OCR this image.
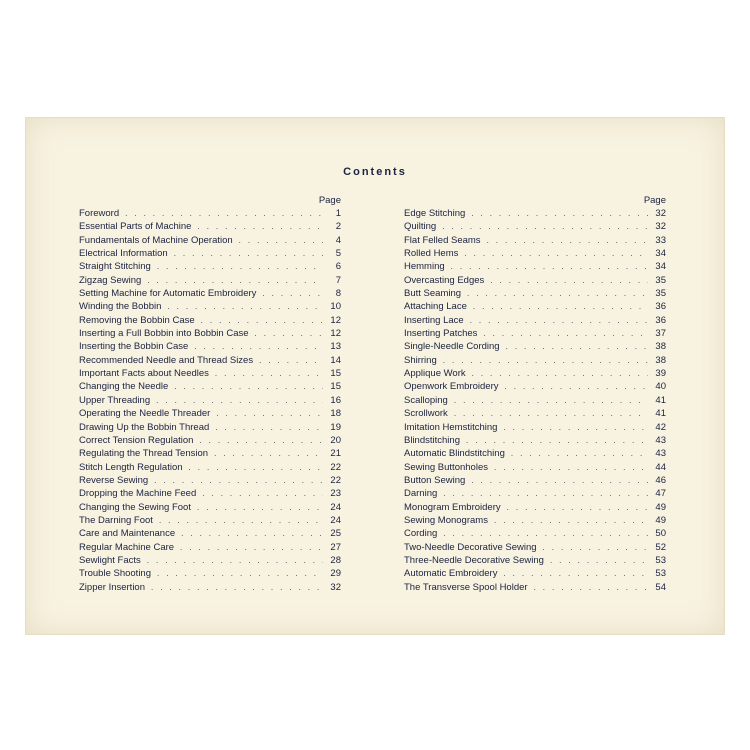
Contents
Page
Foreword .....	1
Essential Parts of Machine .....	2
Fundamentals of Machine Operation .....	4
Electrical Information .....	5
Straight Stitching .....	6
Zigzag Sewing .....	7
Setting Machine for Automatic Embroidery .....	8
Winding the Bobbin .....	10
Removing the Bobbin Case .....	12
Inserting a Full Bobbin into Bobbin Case .....	12
Inserting the Bobbin Case .....	13
Recommended Needle and Thread Sizes .....	14
Important Facts about Needles .....	15
Changing the Needle .....	15
Upper Threading .....	16
Operating the Needle Threader .....	18
Drawing Up the Bobbin Thread .....	19
Correct Tension Regulation .....	20
Regulating the Thread Tension .....	21
Stitch Length Regulation .....	22
Reverse Sewing .....	22
Dropping the Machine Feed .....	23
Changing the Sewing Foot .....	24
The Darning Foot .....	24
Care and Maintenance .....	25
Regular Machine Care .....	27
Sewlight Facts .....	28
Trouble Shooting .....	29
Zipper Insertion .....	32
Page
Edge Stitching .....	32
Quilting .....	32
Flat Felled Seams .....	33
Rolled Hems .....	34
Hemming .....	34
Overcasting Edges .....	35
Butt Seaming .....	35
Attaching Lace .....	36
Inserting Lace .....	36
Inserting Patches .....	37
Single-Needle Cording .....	38
Shirring .....	38
Applique Work .....	39
Openwork Embroidery .....	40
Scalloping .....	41
Scrollwork .....	41
Imitation Hemstitching .....	42
Blindstitching .....	43
Automatic Blindstitching .....	43
Sewing Buttonholes .....	44
Button Sewing .....	46
Darning .....	47
Monogram Embroidery .....	49
Sewing Monograms .....	49
Cording .....	50
Two-Needle Decorative Sewing .....	52
Three-Needle Decorative Sewing .....	53
Automatic Embroidery .....	53
The Transverse Spool Holder .....	54
